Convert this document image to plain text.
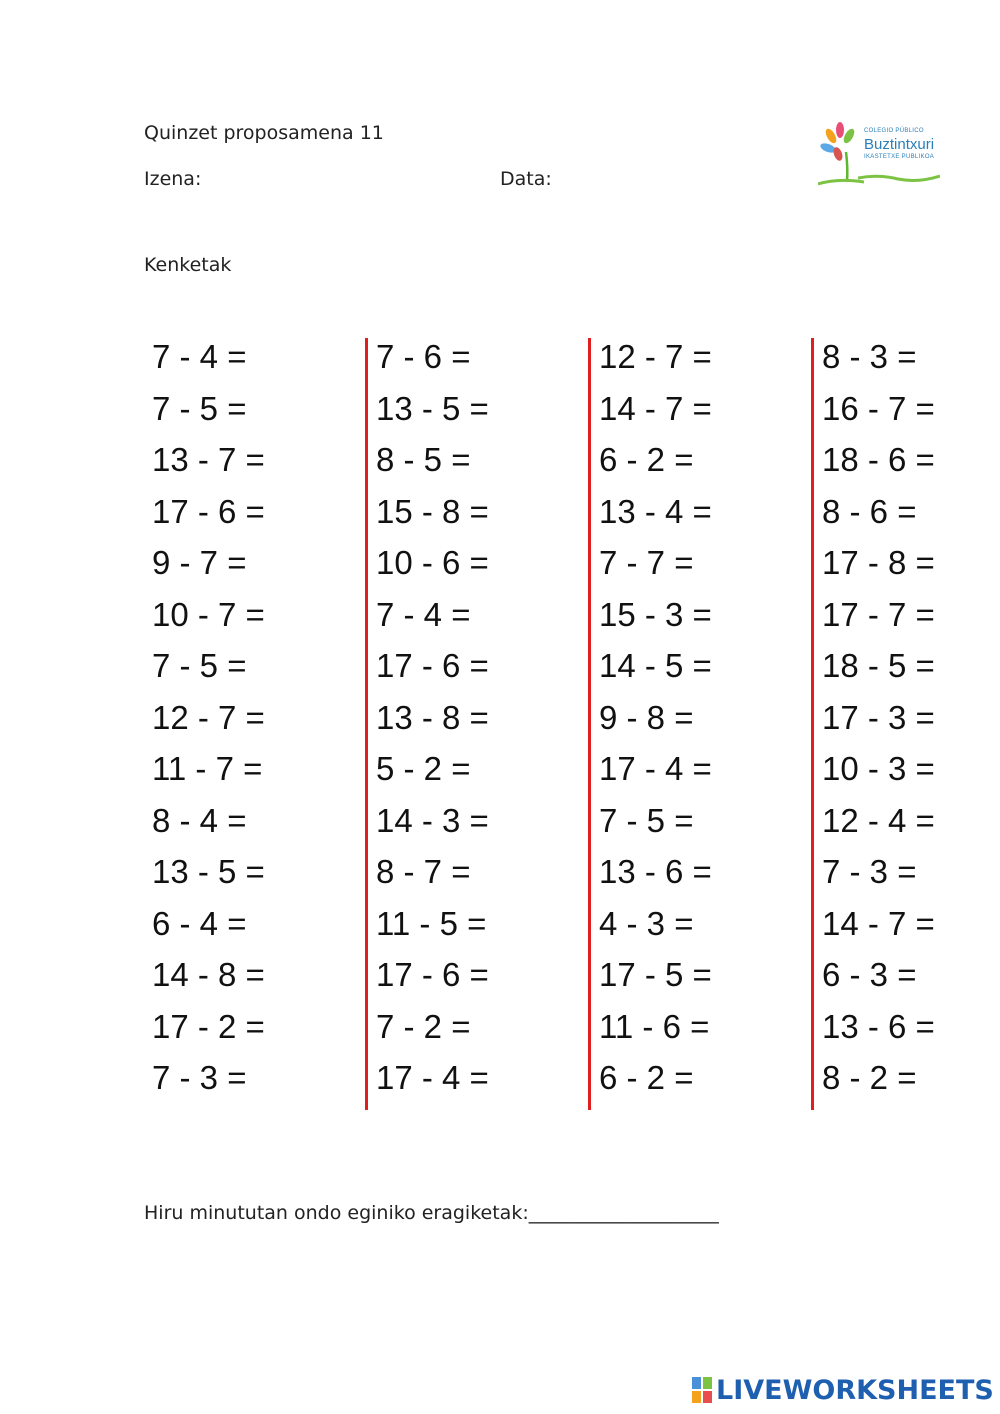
Quinzet proposamena 11
Izena:	Data:
COLEGIO PÚBLICO
Buztintxuri
IKASTETXE PUBLIKOA
Kenketak
7 - 4 =
7 - 5 =
13 - 7 =
17 - 6 =
9 - 7 =
10 - 7 =
7 - 5 =
12 - 7 =
11 - 7 =
8 - 4 =
13 - 5 =
6 - 4 =
14 - 8 =
17 - 2 =
7 - 3 =
7 - 6 =
13 - 5 =
8 - 5 =
15 - 8 =
10 - 6 =
7 - 4 =
17 - 6 =
13 - 8 =
5 - 2 =
14 - 3 =
8 - 7 =
11 - 5 =
17 - 6 =
7 - 2 =
17 - 4 =
12 - 7 =
14 - 7 =
6 - 2 =
13 - 4 =
7 - 7 =
15 - 3 =
14 - 5 =
9 - 8 =
17 - 4 =
7 - 5 =
13 - 6 =
4 - 3 =
17 - 5 =
11 - 6 =
6 - 2 =
8 - 3 =
16 - 7 =
18 - 6 =
8 - 6 =
17 - 8 =
17 - 7 =
18 - 5 =
17 - 3 =
10 - 3 =
12 - 4 =
7 - 3 =
14 - 7 =
6 - 3 =
13 - 6 =
8 - 2 =
Hiru minututan ondo eginiko eragiketak:____________________
LIVEWORKSHEETS
